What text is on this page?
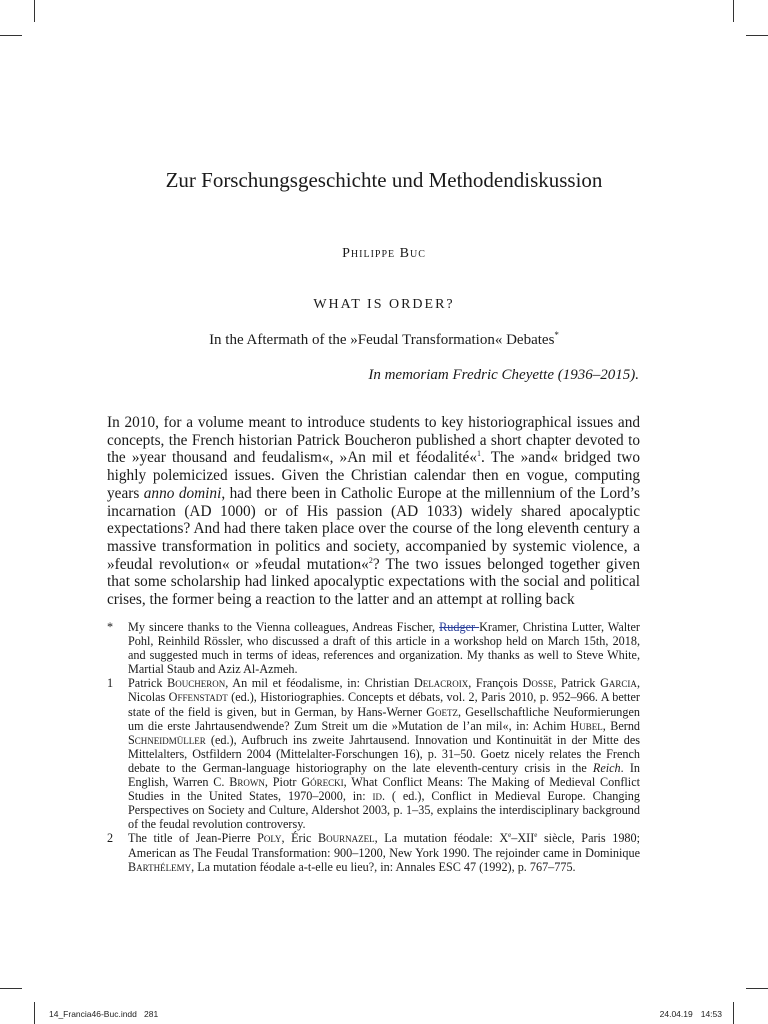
Zur Forschungsgeschichte und Methodendiskussion
Philippe Buc
WHAT IS ORDER?
In the Aftermath of the »Feudal Transformation« Debates*
In memoriam Fredric Cheyette (1936–2015).
In 2010, for a volume meant to introduce students to key historiographical issues and concepts, the French historian Patrick Boucheron published a short chapter devoted to the »year thousand and feudalism«, »An mil et féodalité«$^1$. The »and« bridged two highly polemicized issues. Given the Christian calendar then en vogue, computing years anno domini, had there been in Catholic Europe at the millennium of the Lord’s incarnation (AD 1000) or of His passion (AD 1033) widely shared apocalyptic expectations? And had there taken place over the course of the long eleventh century a massive transformation in politics and society, accompanied by systemic violence, a »feudal revolution« or »feudal mutation«$^2$? The two issues belonged together given that some scholarship had linked apocalyptic expectations with the social and political crises, the former being a reaction to the latter and an attempt at rolling back
*	My sincere thanks to the Vienna colleagues, Andreas Fischer, Rudger Kramer, Christina Lutter, Walter Pohl, Reinhild Rössler, who discussed a draft of this article in a workshop held on March 15th, 2018, and suggested much in terms of ideas, references and organization. My thanks as well to Steve White, Martial Staub and Aziz Al-Azmeh.
1	Patrick Boucheron, An mil et féodalisme, in: Christian Delacroix, François Dosse, Patrick Garcia, Nicolas Offenstadt (ed.), Historiographies. Concepts et débats, vol. 2, Paris 2010, p. 952–966. A better state of the field is given, but in German, by Hans-Werner Goetz, Gesellschaftliche Neuformierungen um die erste Jahrtausendwende? Zum Streit um die »Mutation de l’an mil«, in: Achim Hubel, Bernd Schneidmüller (ed.), Aufbruch ins zweite Jahrtausend. Innovation und Kontinuität in der Mitte des Mittelalters, Ostfildern 2004 (Mittelalter-Forschungen 16), p. 31–50. Goetz nicely relates the French debate to the German-language historiography on the late eleventh-century crisis in the Reich. In English, Warren C. Brown, Piotr Górecki, What Conflict Means: The Making of Medieval Conflict Studies in the United States, 1970–2000, in: id. ( ed.), Conflict in Medieval Europe. Changing Perspectives on Society and Culture, Aldershot 2003, p. 1–35, explains the interdisciplinary background of the feudal revolution controversy.
2	The title of Jean-Pierre Poly, Éric Bournazel, La mutation féodale: Xe–XIIe siècle, Paris 1980; American as The Feudal Transformation: 900–1200, New York 1990. The rejoinder came in Dominique Barthélemy, La mutation féodale a-t-elle eu lieu?, in: Annales ESC 47 (1992), p. 767–775.
14_Francia46-Buc.indd 281	24.04.19 14:53
